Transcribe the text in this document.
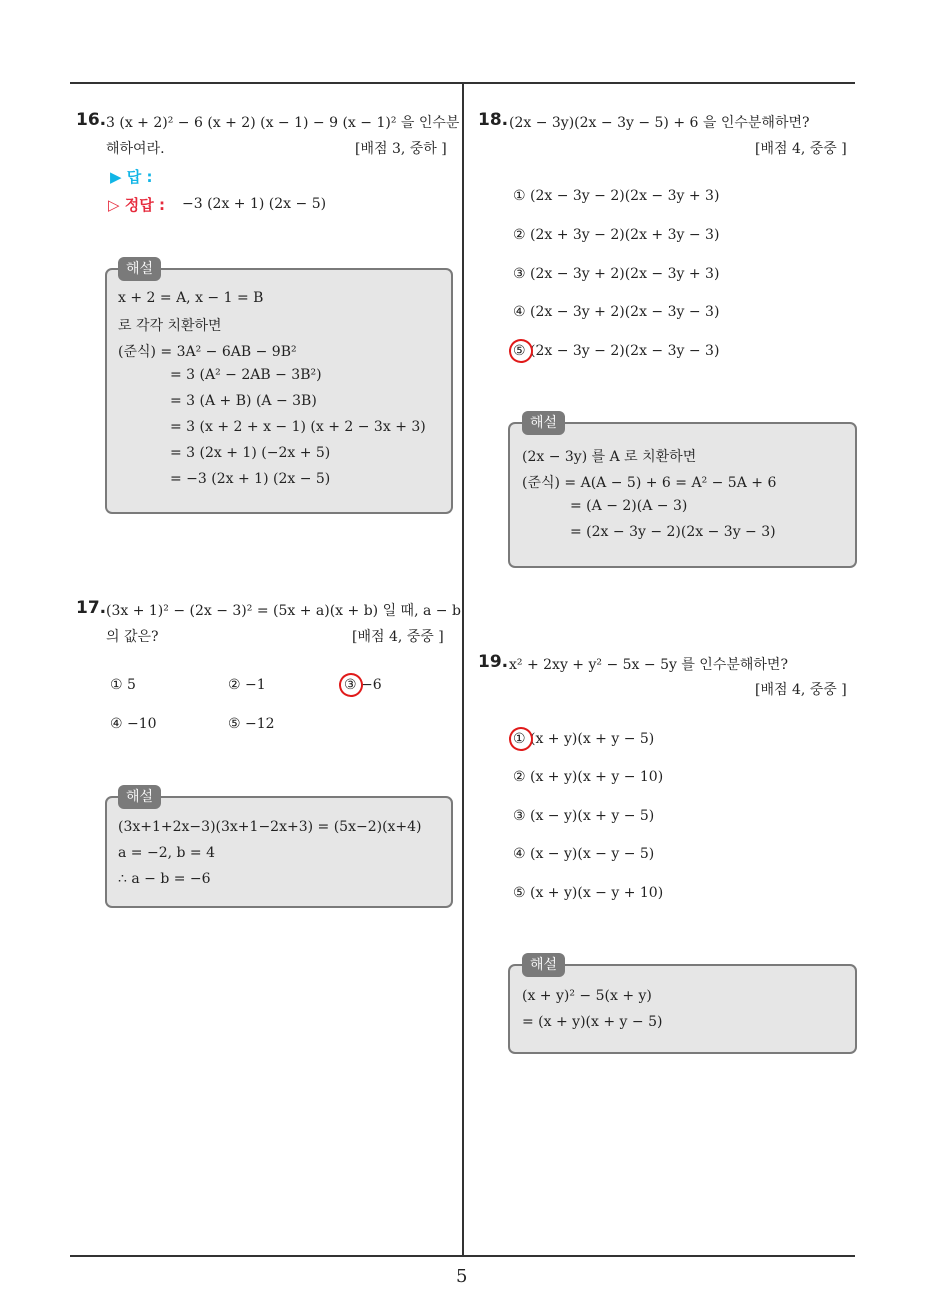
5
16. 3 (x + 2)² − 6 (x + 2) (x − 1) − 9 (x − 1)² 을 인수분
해하여라.	[배점 3, 중하 ]
▶ 답 :
▷ 정답 : −3 (2x + 1) (2x − 5)
해설
x + 2 = A, x − 1 = B
로 각각 치환하면
(준식) = 3A² − 6AB − 9B²
= 3 (A² − 2AB − 3B²)
= 3 (A + B) (A − 3B)
= 3 (x + 2 + x − 1) (x + 2 − 3x + 3)
= 3 (2x + 1) (−2x + 5)
= −3 (2x + 1) (2x − 5)
17. (3x + 1)² − (2x − 3)² = (5x + a)(x + b) 일 때, a − b
의 값은?	[배점 4, 중중 ]
① 5	② −1	③ −6
④ −10	⑤ −12
해설
(3x+1+2x−3)(3x+1−2x+3) = (5x−2)(x+4)
a = −2, b = 4
∴ a − b = −6
18. (2x − 3y)(2x − 3y − 5) + 6 을 인수분해하면?
[배점 4, 중중 ]
① (2x − 3y − 2)(2x − 3y + 3)
② (2x + 3y − 2)(2x + 3y − 3)
③ (2x − 3y + 2)(2x − 3y + 3)
④ (2x − 3y + 2)(2x − 3y − 3)
⑤ (2x − 3y − 2)(2x − 3y − 3)
해설
(2x − 3y) 를 A 로 치환하면
(준식) = A(A − 5) + 6 = A² − 5A + 6
= (A − 2)(A − 3)
= (2x − 3y − 2)(2x − 3y − 3)
19. x² + 2xy + y² − 5x − 5y 를 인수분해하면?
[배점 4, 중중 ]
① (x + y)(x + y − 5)
② (x + y)(x + y − 10)
③ (x − y)(x + y − 5)
④ (x − y)(x − y − 5)
⑤ (x + y)(x − y + 10)
해설
(x + y)² − 5(x + y)
= (x + y)(x + y − 5)
